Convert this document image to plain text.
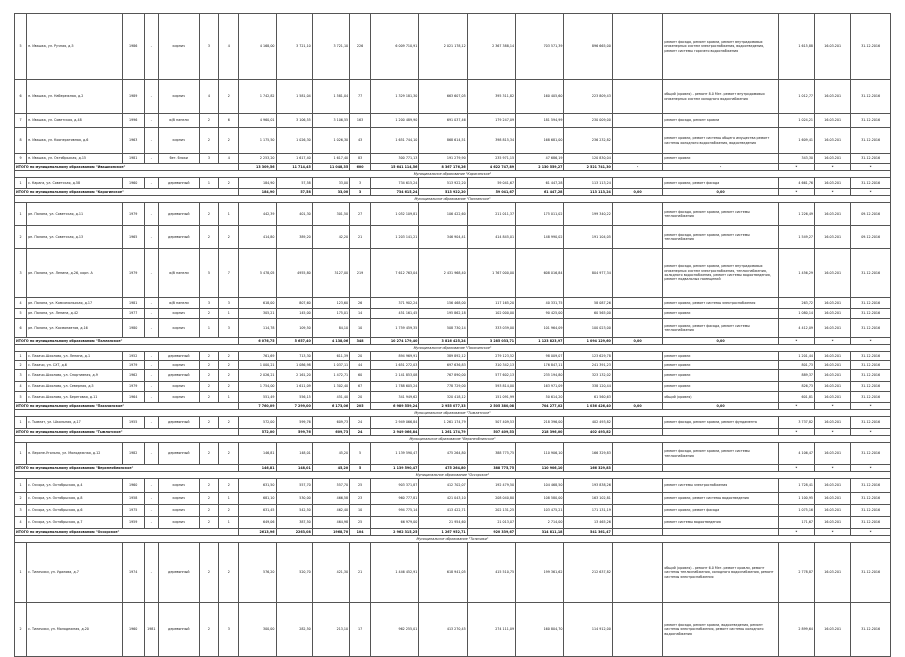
5	п. Ивашка, ул. Ручная, д.5	1986	-	кирпич	3	4	4 168,00	3 721,10	3 721,10	226	6 009 710,91	2 021 178,12	2 367 388,14	703 571,39	896 665,00		ремонт фасада, ремонт кровли, ремонт внутридомовых инженерных систем электроснабжения, водоотведения, ремонт системы горячего водоснабжения	1 615,88	16.03.201	31.12.2016
6	п. Ивашка, ул. Набережная, д.2	1989	-	кирпич	4	2	1 742,82	1 581,04	1 581,04	77	1 329 181,30	663 607,05	395 311,82	160 405,60	223 809,43		общий (кровля) - ремонт 8.0 Мэт. ремонт внутридомовых инженерных систем холодного водоснабжения	1 012,77	16.03.201	31.12.2016
7	п. Ивашка, ул. Советская, д.48	1996	-	ж/б панели	2	6	4 960,01	3 106,55	3 106,55	163	1 200 489,90	691 037,46	179 247,09	181 594,99	230 009,00		ремонт фасада, ремонт кровли	1 024,21	16.03.201	31.12.2016
8	п. Ивашка, ул. Кооперативная, д.6	1963	-	кирпич	2	2	1 175,50	1 026,30	1 026,30	43	1 651 744,10	868 614,51	398 815,34	168 681,00	236 232,82		ремонт кровли, ремонт системы общего имущества ремонт системы холодного водоснабжения, водоотведения	1 609,41	16.03.201	31.12.2016
9	п. Ивашка, ул. Октябрьская, д.15	1981	-	бет. блоки	3	4	2 253,20	1 617,40	1 617,40	83	300 771,13	191 279,90	235 971,15	47 686,19	120 830,04		ремонт кровли	343,30	16.03.201	31.12.2016
ИТОГО по муниципальному образованию "Ивашкинское"							13 309,56	11 714,45	11 048,35	600	15 641 114,56	8 367 176,26	4 622 747,89	2 130 559,27	2 521 741,30	-	-	*	*	*
Муниципальное образование "Карагинское"																				
1	с. Карага, ул. Советская, д.58	1960	-	деревянный	1	2	184,90	57,58	33,00	3	734 615,24	513 922,20	59 041,67	61 447,28	113 113,24		ремонт кровли, ремонт фасада	4 661,76	16.03.201	31.12.2016
ИТОГО по муниципальному образованию "Карагинское"							184,90	57,58	33,00	3	734 615,24	513 922,20	59 041,67	61 447,28	113 113,24	0,00	0,00	*	*	*
Муниципальное образование "Палланское"																				
1	рп. Палана, ул. Советская, д.11	1979	-	деревянный	2	1	442,39	401,30	301,50	27	1 052 109,81	106 422,60	211 011,37	175 011,02	199 340,22		ремонт фасада, ремонт кровли, ремонт системы теплоснабжения	1 226,49	16.03.201	09.12.2016
2	рп. Палана, ул. Советская, д.13	1965	-	деревянный	2	2	414,80	389,20	42,20	21	1 203 141,21	346 904,41	414 845,01	148 990,02	191 104,05		ремонт фасада, ремонт кровли, ремонт системы теплоснабжения	1 549,27	16.03.201	09.12.2016
3	рп. Палана, ул. Ленина, д.26, корп. А	1979	-	ж/б панели	5	7	5 478,05	4955,80	3127,00	219	7 612 763,04	2 431 968,40	1 767 000,00	608 016,84	804 977,34		ремонт фасада, ремонт кровли, ремонт внутридомовых инженерных систем электроснабжения, теплоснабжения, холодного водоснабжения, ремонт системы водоотведения, ремонт подвальных помещений	1 456,29	16.03.201	31.12.2016
4	рп. Палана, ул. Комсомольская, д.17	1981	-	ж/б панели	3	3	618,00	807,60	123,60	26	371 902,24	156 468,00	117 165,20	40 331,75	58 087,26		ремонт кровли, ремонт системы электроснабжения	263,72	16.03.201	31.12.2016
5	рп. Палана, ул. Ленина, д.42	1977	-	кирпич	2	1	305,21	145,00	175,01	14	451 161,45	195 862,18	102 000,00	90 425,00	60 565,00		ремонт кровли	1 080,14	16.03.201	31.12.2016
6	рп. Палана, ул. Космонавтов, д.16	1980	-	кирпич	1	3	114,78	109,50	84,10	10	1 759 459,35	508 730,14	333 039,00	101 964,09	100 023,00		ремонт кровли, ремонт фасада, ремонт системы теплоснабжения	4 412,09	16.03.201	31.12.2016
ИТОГО по муниципальному образованию "Палланское"							6 076,75	5 657,40	4 138,06	348	10 274 179,40	3 816 425,24	3 285 033,71	1 123 823,97	1 094 129,60	0,00	0,00	*	*	*
Муниципальное образование "Пахачинское"																				
1	с. Пахачи-Шхолово, ул. Ленина, д.1	1952	-	деревянный	2	2	761,69	713,30	611,39	20	894 969,91	389 892,12	279 123,52	98 009,07	123 629,78		ремонт кровли	1 201,44	16.03.201	31.12.2016
2	с. Пахачи, ул. СХТ, д.6	1979	-	кирпич	2	2	1 000,21	1 086,98	1 037,11	44	1 651 272,03	697 636,83	310 342,13	176 847,11	241 391,23		ремонт кровли	801,73	16.03.201	31.12.2016
3	с. Пахачи-Шхолово, ул. Спортивная, д.9	1962	-	деревянный	2	2	2 026,21	2 161,20	1 472,71	60	2 141 853,08	767 890,00	577 602,13	235 194,80	323 132,02		ремонт кровли	889,37	16.03.201	31.12.2016
4	с. Пахачи-Шхолово, ул. Северная, д.5	1979	-	кирпич	2	2	1 754,00	1 611,09	1 302,40	67	1 788 605,24	778 729,00	593 814,00	163 971,09	338 120,44		ремонт кровли	826,73	16.03.201	31.12.2016
5	с. Пахачи-Шхолово, ул. Береговая, д.11	1964	-	кирпич	2	1	551,49	556,15	451,40	20	341 949,62	320 418,12	151 091,99	50 614,20	61 560,63		общий (кровля)	601,81	16.03.201	31.12.2016
ИТОГО по муниципальному образованию "Пахачинское"							7 760,09	7 299,00	6 173,06	205	6 989 559,24	2 955 077,33	2 505 380,08	704 277,02	1 036 426,40	0,00	0,00	*	*	*
Муниципальное образование "Тымлатское"																				
1	с. Тымлат, ул. Школьная, д.17	1955	-	деревянный	2	2	572,00	599,76	609,73	24	2 949 066,84	1 261 174,79	507 409,53	218 396,00	402 493,82		ремонт фасада, ремонт кровли, ремонт фундамента	3 737,82	16.03.201	31.12.2016
ИТОГО по муниципальному образованию "Тымлатское"							572,00	599,76	609,73	24	2 949 066,84	1 261 174,79	507 409,53	218 396,00	402 493,82			*	*	*
Муниципальное образование "Верхнеоблинское"																				
1	п. Верхне-Угольно, ул. Молодежная, д.12	1982	-	деревянный	2	2	146,81	148,01	45,20	5	1 139 590,47	475 264,80	388 775,75	110 906,10	166 329,83		ремонт фасада, ремонт кровли, ремонт системы теплоснабжения	4 106,47	16.03.201	31.12.2016
ИТОГО по муниципальному образованию "Верхнеоблинское"							146,81	148,01	45,20	5	1 139 590,47	475 264,80	388 775,75	110 906,10	166 329,83			*	*	*
Муниципальное образование "Оссорское"																				
1	с. Оссора, ул. Октябрьская, д.4	1960	-	кирпич	2	2	631,50	557,70	557,70	25	903 371,87	412 702,07	192 479,50	104 468,50	193 838,26		ремонт системы электроснабжения	1 728,41	16.03.201	31.12.2016
2	с. Оссора, ул. Октябрьская, д.8	1958	-	кирпич	2	1	681,10	530,00	466,58	23	960 777,81	421 043,10	208 040,80	108 580,00	163 102,81		ремонт кровли, ремонт системы водоотведения	1 100,95	16.03.201	31.12.2016
3	с. Оссора, ул. Октябрьская, д.6	1975	-	кирпич	2	2	631,45	542,50	462,40	10	994 775,14	413 422,71	202 131,25	103 475,21	171 131,19		ремонт кровли, ремонт фасада	1 075,16	16.03.201	31.12.2016
4	с. Оссора, ул. Октябрьская, д.7	1959	-	кирпич	2	1	649,06	387,50	464,98	25	66 979,00	21 954,60	21 013,07	2 714,00	13 465,26		ремонт системы водоотведения	171,67	16.03.201	31.12.2016
ИТОГО по муниципальному образованию "Оссорское"							2613,96	2263,08	1968,70	104	2 962 315,25	1 267 952,71	920 339,67	314 811,18	541 361,47			*	*	*
Муниципальное образование "Тиличики"																				
1	с. Тиличики, ул. Удалова, д.7	1974	-	деревянный	2	2	576,20	520,70	421,30	21	1 446 452,91	618 941,05	415 510,75	199 361,62	212 637,82		общий (кровля) - ремонт 6.0 Мэт. ремонт кровли, ремонт системы теплоснабжения, холодного водоснабжения, ремонт системы электроснабжения	2 778,87	16.03.201	31.12.2016
2	с. Тиличики, ул. Молодежная, д.20	1960	1981	деревянный	2	3	300,00	282,50	213,10	17	962 255,01	413 270,45	274 111,09	160 804,70	114 912,00		ремонт фасада, ремонт кровли, водоотведения, ремонт системы электроснабжения, ремонт системы холодного водоснабжения	2 899,64	16.03.201	31.12.2016
